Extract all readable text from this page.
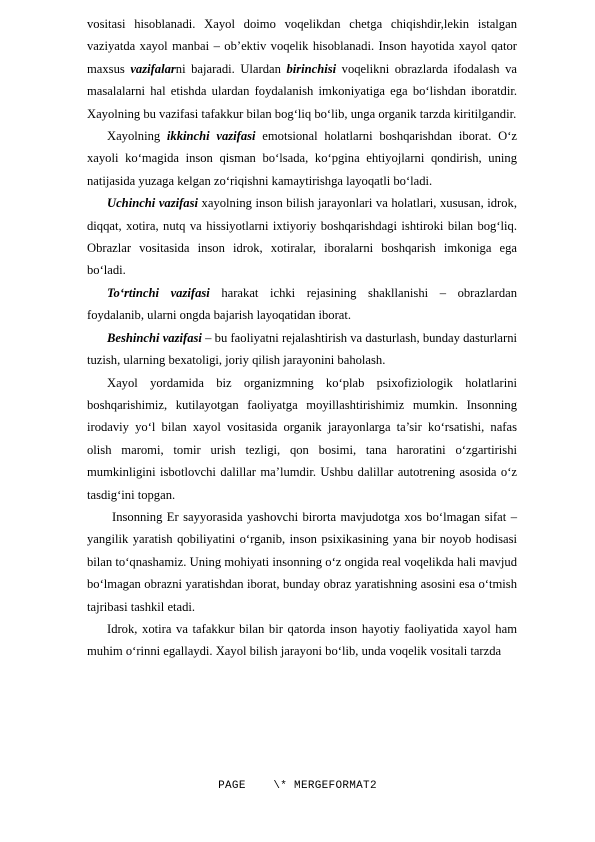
vositasi hisoblanadi. Xayol doimo voqelikdan chetga chiqishdir,lekin istalgan vaziyatda xayol manbai – ob’ektiv voqelik hisoblanadi. Inson hayotida xayol qator maxsus vazifalarni bajaradi. Ulardan birinchisi voqelikni obrazlarda ifodalash va masalalarni hal etishda ulardan foydalanish imkoniyatiga ega bo‘lishdan iboratdir. Xayolning bu vazifasi tafakkur bilan bog‘liq bo‘lib, unga organik tarzda kiritilgandir.

Xayolning ikkinchi vazifasi emotsional holatlarni boshqarishdan iborat. O‘z xayoli ko‘magida inson qisman bo‘lsada, ko‘pgina ehtiyojlarni qondirish, uning natijasida yuzaga kelgan zo‘riqishni kamaytirishga layoqatli bo‘ladi.

Uchinchi vazifasi xayolning inson bilish jarayonlari va holatlari, xususan, idrok, diqqat, xotira, nutq va hissiyotlarni ixtiyoriy boshqarishdagi ishtiroki bilan bog‘liq. Obrazlar vositasida inson idrok, xotiralar, iboralarni boshqarish imkoniga ega bo‘ladi.

To‘rtinchi vazifasi harakat ichki rejasining shakllanishi – obrazlardan foydalanib, ularni ongda bajarish layoqatidan iborat.

Beshinchi vazifasi – bu faoliyatni rejalashtirish va dasturlash, bunday dasturlarni tuzish, ularning bexatoligi, joriy qilish jarayonini baholash.

Xayol yordamida biz organizmning ko‘plab psixofiziologik holatlarini boshqarishimiz, kutilayotgan faoliyatga moyillashtirishimiz mumkin. Insonning irodaviy yo‘l bilan xayol vositasida organik jarayonlarga ta’sir ko‘rsatishi, nafas olish maromi, tomir urish tezligi, qon bosimi, tana haroratini o‘zgartirishi mumkinligini isbotlovchi dalillar ma’lumdir. Ushbu dalillar autotrening asosida o‘z tasdig‘ini topgan.

Insonning Er sayyorasida yashovchi birorta mavjudotga xos bo‘lmagan sifat – yangilik yaratish qobiliyatini o‘rganib, inson psixikasining yana bir noyob hodisasi bilan to‘qnashamiz. Uning mohiyati insonning o‘z ongida real voqelikda hali mavjud bo‘lmagan obrazni yaratishdan iborat, bunday obraz yaratishning asosini esa o‘tmish tajribasi tashkil etadi.

Idrok, xotira va tafakkur bilan bir qatorda inson hayotiy faoliyatida xayol ham muhim o‘rinni egallaydi. Xayol bilish jarayoni bo‘lib, unda voqelik vositali tarzda

PAGE    \* MERGEFORMAT2
